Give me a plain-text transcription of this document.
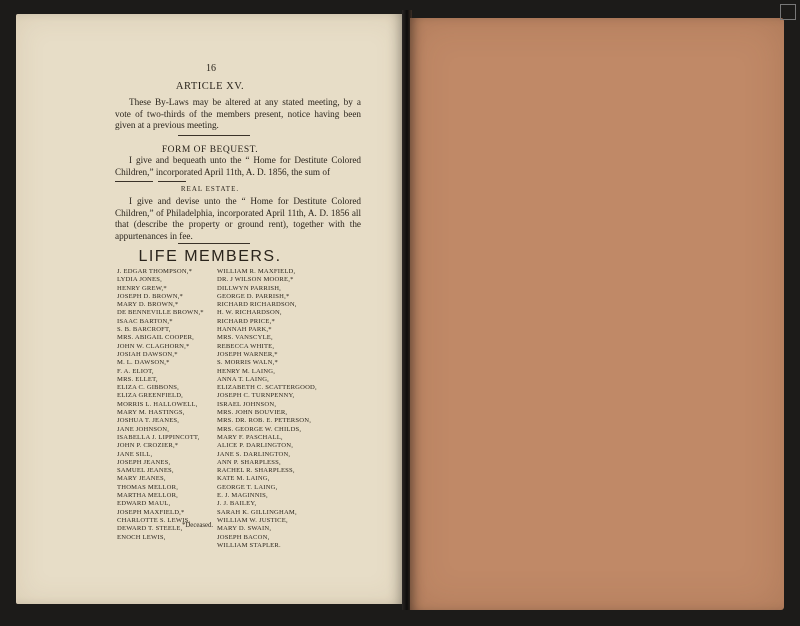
16
ARTICLE XV.
These By-Laws may be altered at any stated meeting, by a vote of two-thirds of the members present, notice having been given at a previous meeting.
FORM OF BEQUEST.
I give and bequeath unto the “ Home for Destitute Colored Children,” incorporated April 11th, A. D. 1856, the sum of
REAL ESTATE.
I give and devise unto the “ Home for Destitute Colored Children,” of Philadelphia, incorporated April 11th, A. D. 1856 all that (describe the property or ground rent), together with the appurtenances in fee.
LIFE MEMBERS.
J. EDGAR THOMPSON,*
LYDIA JONES,
HENRY GREW,*
JOSEPH D. BROWN,*
MARY D. BROWN,*
DE BENNEVILLE BROWN,*
ISAAC BARTON,*
S. B. BARCROFT,
MRS. ABIGAIL COOPER,
JOHN W. CLAGHORN,*
JOSIAH DAWSON,*
M. L. DAWSON,*
F. A. ELIOT,
MRS. ELLET,
ELIZA C. GIBBONS,
ELIZA GREENFIELD,
MORRIS L. HALLOWELL,
MARY M. HASTINGS,
JOSHUA T. JEANES,
JANE JOHNSON,
ISABELLA J. LIPPINCOTT,
JOHN P. CROZIER,*
JANE SILL,
JOSEPH JEANES,
SAMUEL JEANES,
MARY JEANES,
THOMAS MELLOR,
MARTHA MELLOR,
EDWARD MAUL,
JOSEPH MAXFIELD,*
CHARLOTTE S. LEWIS,
DEWARD T. STEELE,
ENOCH LEWIS,
WILLIAM R. MAXFIELD,
DR. J WILSON MOORE,*
DILLWYN PARRISH,
GEORGE D. PARRISH,*
RICHARD RICHARDSON,
H. W. RICHARDSON,
RICHARD PRICE,*
HANNAH PARK,*
MRS. VANSCYLE,
REBECCA WHITE,
JOSEPH WARNER,*
S. MORRIS WALN,*
HENRY M. LAING,
ANNA T. LAING,
ELIZABETH C. SCATTERGOOD,
JOSEPH C. TURNPENNY,
ISRAEL JOHNSON,
MRS. JOHN BOUVIER,
MRS. DR. ROB. E. PETERSON,
MRS. GEORGE W. CHILDS,
MARY F. PASCHALL,
ALICE P. DARLINGTON,
JANE S. DARLINGTON,
ANN P. SHARPLESS,
RACHEL R. SHARPLESS,
KATE M. LAING,
GEORGE T. LAING,
E. J. MAGINNIS,
J. J. BAILEY,
SARAH K. GILLINGHAM,
WILLIAM W. JUSTICE,
MARY D. SWAIN,
JOSEPH BACON,
WILLIAM STAPLER.
*Deceased.
